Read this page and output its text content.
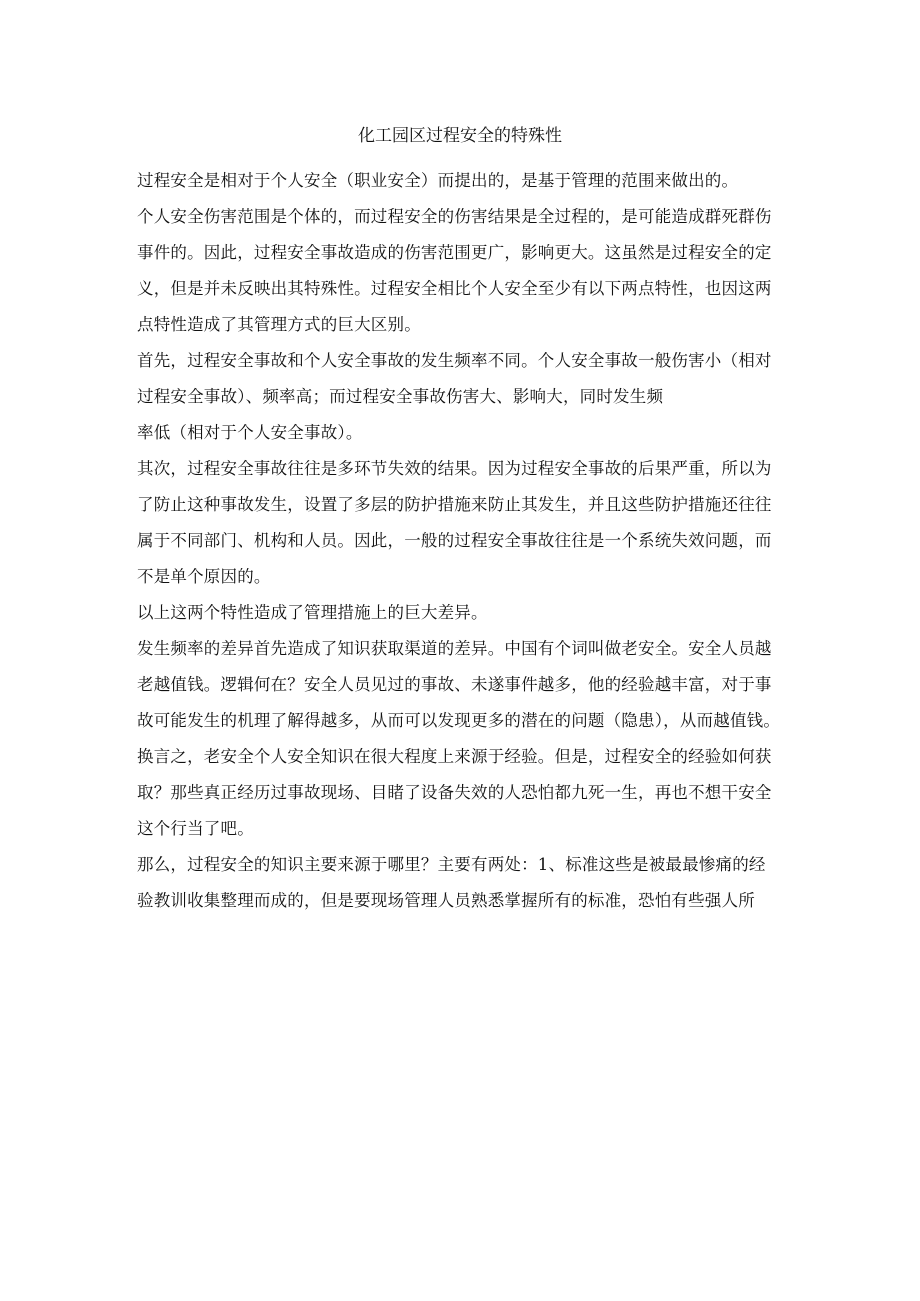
化工园区过程安全的特殊性

过程安全是相对于个人安全（职业安全）而提出的，是基于管理的范围来做出的。

个人安全伤害范围是个体的，而过程安全的伤害结果是全过程的，是可能造成群死群伤
事件的。因此，过程安全事故造成的伤害范围更广，影响更大。这虽然是过程安全的定
义，但是并未反映出其特殊性。过程安全相比个人安全至少有以下两点特性，也因这两
点特性造成了其管理方式的巨大区别。

首先，过程安全事故和个人安全事故的发生频率不同。个人安全事故一般伤害小（相对
过程安全事故）、频率高；而过程安全事故伤害大、影响大，同时发生频
率低（相对于个人安全事故）。

其次，过程安全事故往往是多环节失效的结果。因为过程安全事故的后果严重，所以为
了防止这种事故发生，设置了多层的防护措施来防止其发生，并且这些防护措施还往往
属于不同部门、机构和人员。因此，一般的过程安全事故往往是一个系统失效问题，而
不是单个原因的。

以上这两个特性造成了管理措施上的巨大差异。

发生频率的差异首先造成了知识获取渠道的差异。中国有个词叫做老安全。安全人员越
老越值钱。逻辑何在？安全人员见过的事故、未遂事件越多，他的经验越丰富，对于事
故可能发生的机理了解得越多，从而可以发现更多的潜在的问题（隐患），从而越值钱。
换言之，老安全个人安全知识在很大程度上来源于经验。但是，过程安全的经验如何获
取？那些真正经历过事故现场、目睹了设备失效的人恐怕都九死一生，再也不想干安全
这个行当了吧。

那么，过程安全的知识主要来源于哪里？主要有两处：1、标准这些是被最最惨痛的经
验教训收集整理而成的，但是要现场管理人员熟悉掌握所有的标准，恐怕有些强人所
